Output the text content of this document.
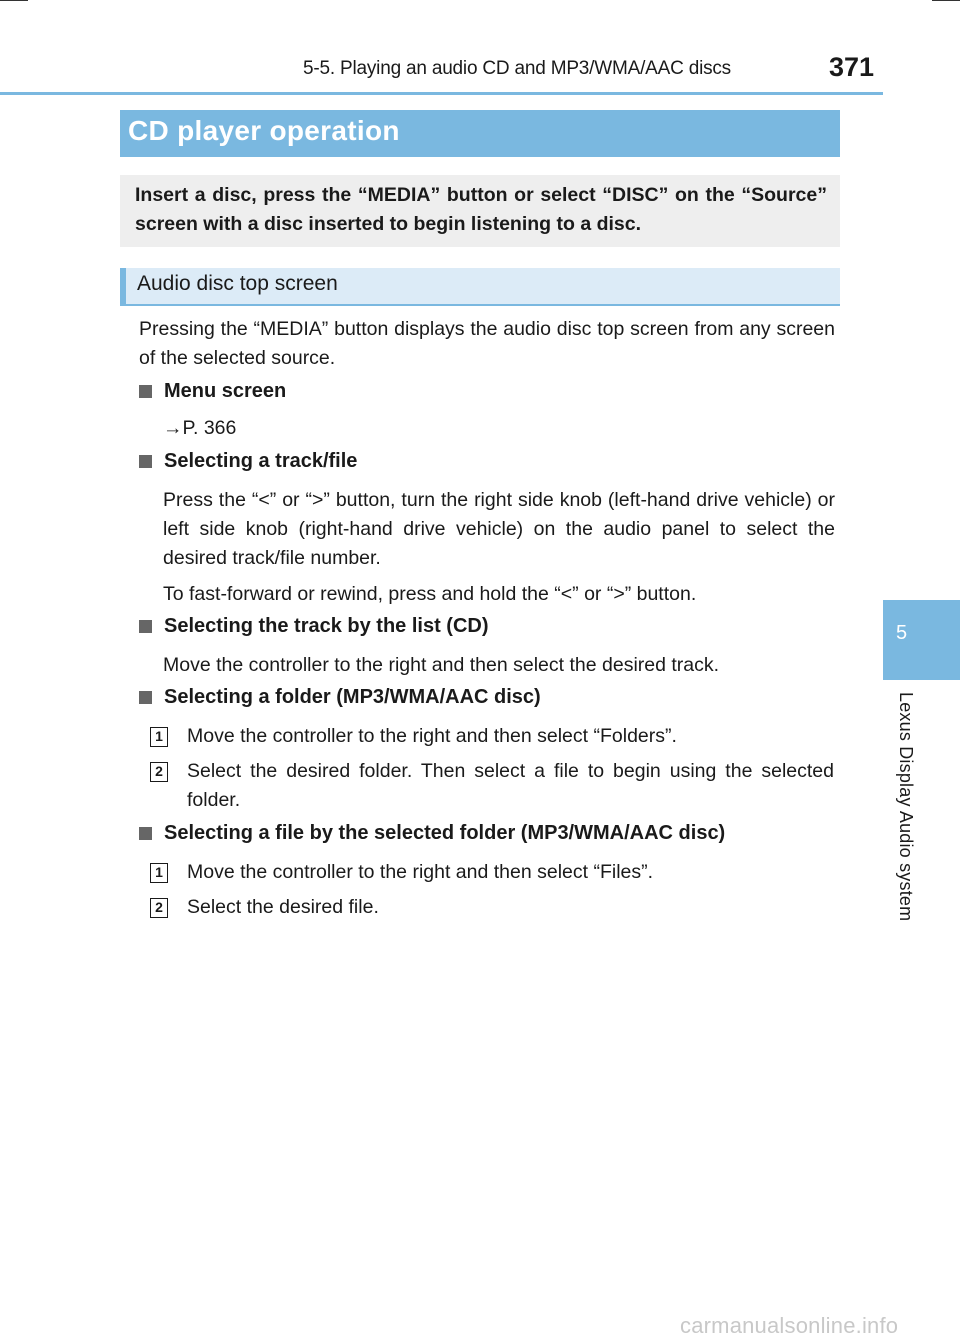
5-5. Playing an audio CD and MP3/WMA/AAC discs	371
5
Lexus Display Audio system
CD player operation

Insert a disc, press the “MEDIA” button or select “DISC” on the “Source” screen with a disc inserted to begin listening to a disc.

Audio disc top screen

Pressing the “MEDIA” button displays the audio disc top screen from any screen of the selected source.

Menu screen

→P. 366

Selecting a track/file

Press the “<” or “>” button, turn the right side knob (left-hand drive vehicle) or left side knob (right-hand drive vehicle) on the audio panel to select the desired track/file number.

To fast-forward or rewind, press and hold the “<” or “>” button.

Selecting the track by the list (CD)

Move the controller to the right and then select the desired track.

Selecting a folder (MP3/WMA/AAC disc)
1 Move the controller to the right and then select “Folders”.
2 Select the desired folder. Then select a file to begin using the selected folder.
Selecting a file by the selected folder (MP3/WMA/AAC disc)
1 Move the controller to the right and then select “Files”.
2 Select the desired file.
carmanualsonline.info
